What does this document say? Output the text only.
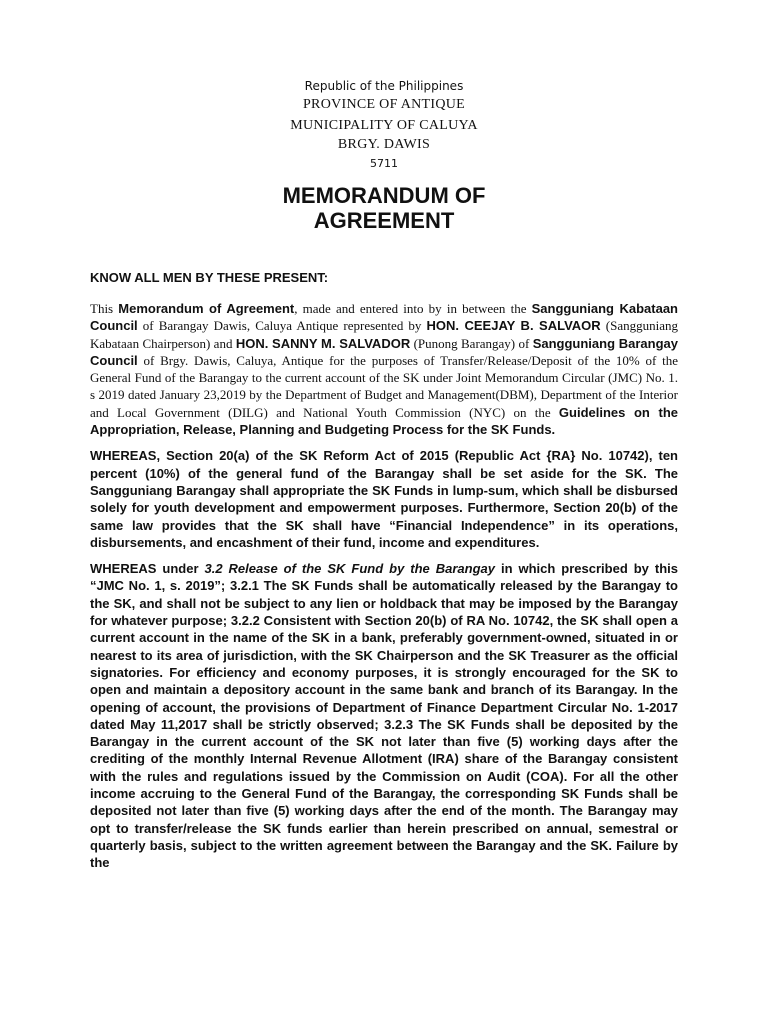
Republic of the Philippines
PROVINCE OF ANTIQUE
MUNICIPALITY OF CALUYA
BRGY. DAWIS
5711
MEMORANDUM OF
AGREEMENT
KNOW ALL MEN BY THESE PRESENT:

This Memorandum of Agreement, made and entered into by in between the Sangguniang Kabataan Council of Barangay Dawis, Caluya Antique represented by HON. CEEJAY B. SALVAOR (Sangguniang Kabataan Chairperson) and HON. SANNY M. SALVADOR (Punong Barangay) of Sangguniang Barangay Council of Brgy. Dawis, Caluya, Antique for the purposes of Transfer/Release/Deposit of the 10% of the General Fund of the Barangay to the current account of the SK under Joint Memorandum Circular (JMC) No. 1. s 2019 dated January 23,2019 by the Department of Budget and Management(DBM), Department of the Interior and Local Government (DILG) and National Youth Commission (NYC) on the Guidelines on the Appropriation, Release, Planning and Budgeting Process for the SK Funds.

WHEREAS, Section 20(a) of the SK Reform Act of 2015 (Republic Act {RA} No. 10742), ten percent (10%) of the general fund of the Barangay shall be set aside for the SK. The Sangguniang Barangay shall appropriate the SK Funds in lump-sum, which shall be disbursed solely for youth development and empowerment purposes. Furthermore, Section 20(b) of the same law provides that the SK shall have “Financial Independence” in its operations, disbursements, and encashment of their fund, income and expenditures.

WHEREAS under 3.2 Release of the SK Fund by the Barangay in which prescribed by this “JMC No. 1, s. 2019”; 3.2.1 The SK Funds shall be automatically released by the Barangay to the SK, and shall not be subject to any lien or holdback that may be imposed by the Barangay for whatever purpose; 3.2.2 Consistent with Section 20(b) of RA No. 10742, the SK shall open a current account in the name of the SK in a bank, preferably government-owned, situated in or nearest to its area of jurisdiction, with the SK Chairperson and the SK Treasurer as the official signatories. For efficiency and economy purposes, it is strongly encouraged for the SK to open and maintain a depository account in the same bank and branch of its Barangay. In the opening of account, the provisions of Department of Finance Department Circular No. 1-2017 dated May 11,2017 shall be strictly observed; 3.2.3 The SK Funds shall be deposited by the Barangay in the current account of the SK not later than five (5) working days after the crediting of the monthly Internal Revenue Allotment (IRA) share of the Barangay consistent with the rules and regulations issued by the Commission on Audit (COA). For all the other income accruing to the General Fund of the Barangay, the corresponding SK Funds shall be deposited not later than five (5) working days after the end of the month. The Barangay may opt to transfer/release the SK funds earlier than herein prescribed on annual, semestral or quarterly basis, subject to the written agreement between the Barangay and the SK. Failure by the
